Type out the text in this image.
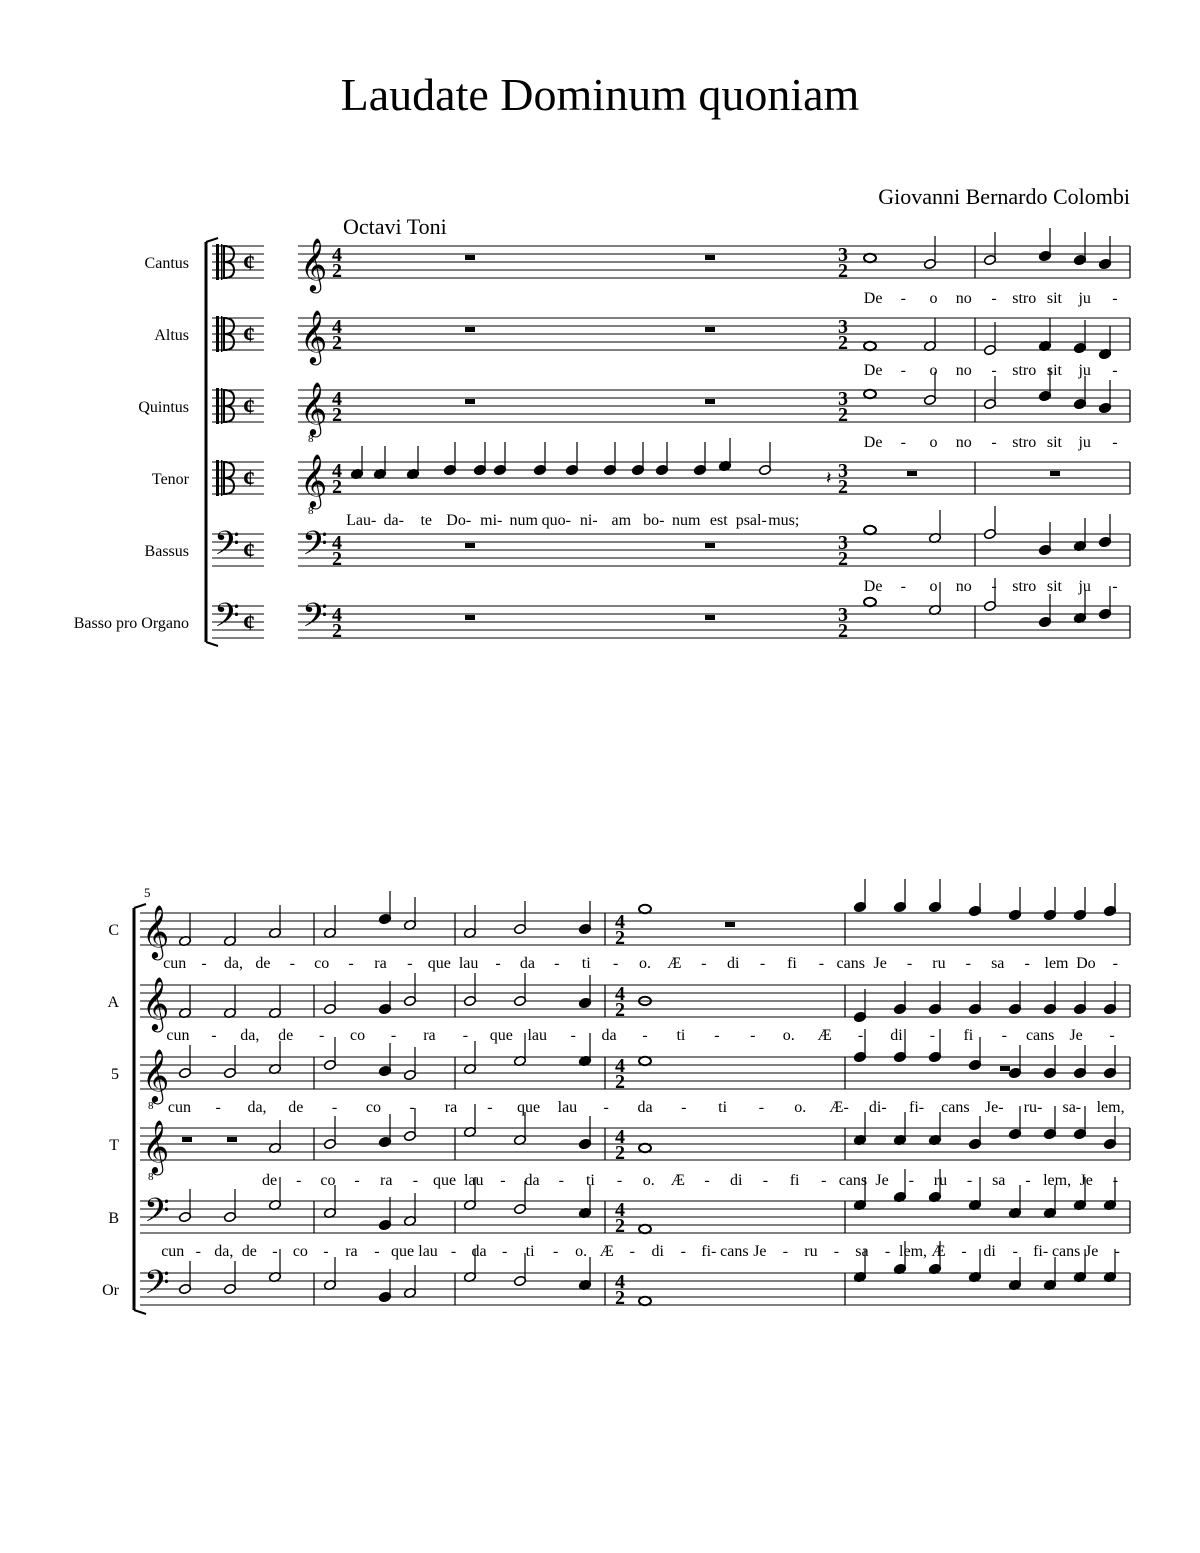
Laudate Dominum quoniam
Giovanni Bernardo Colombi
Octavi Toni
5
Cantus ¢ 𝄞 4
2
3
2
Altus ¢ 𝄞 4
2
3
2
Quintus ¢ 𝄞
8
4
2
3
2
Tenor ¢ 𝄞
8
4
2
3
2
Bassus 𝄢 ¢ 𝄢 4
2
3
2
Basso pro Organo 𝄢 ¢ 𝄢 4
2
3
2
𝄽
De - o no - stro sit ju -
De - o no - stro sit ju -
De - o no - stro sit ju -
Lau- da- te Do- mi- num quo- ni- am bo- num est psal- mus;
De - o no - stro sit ju -
C 𝄞	4
2
A 𝄞	4
2
5 𝄞
8
4
2
T 𝄞
8
4
2
B 𝄢	4
2
Or 𝄢	4
2
cun - da, de - co - ra - que lau - da - ti - o. Æ - di - fi - cans Je - ru - sa - lem Do -
cun - da, de - co - ra - que lau - da - ti - - o. Æ - di - fi - cans Je -
cun - da, de - co - ra - que lau - da - ti - o. Æ- di- fi- cans Je- ru- sa- lem,
de - co - ra - que lau - da - ti - o. Æ - di - fi - cans Je - ru - sa - lem, Je -
cun - da, de - co - ra - que lau - da - ti - o. Æ - di - fi- cans Je - ru - sa - lem, Æ - di - fi- cans Je -
